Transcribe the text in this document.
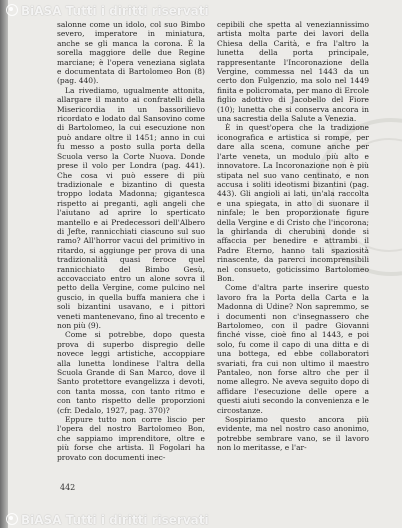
BiASA Tutti i diritti riservati

salonne come un idolo, col suo Bimbo severo, imperatore in miniatura, anche se gli manca la corona. È la sorella maggiore delle due Regine marciane; è l'opera veneziana siglata e documentata di Bartolomeo Bon (8) (pag. 440).

La rivediamo, ugualmente attonita, allargare il manto ai confratelli della Misericordia in un bassorilievo ricordato e lodato dal Sansovino come di Bartolomeo, la cui esecuzione non può andare oltre il 1451; anno in cui fu messo a posto sulla porta della Scuola verso la Corte Nuova. Donde prese il volo per Londra (pag. 441). Che cosa vi può essere di più tradizionale e bizantino di questa troppo lodata Madonna; gigantesca rispetto ai preganti, agli angeli che l'aiutano ad aprire lo sperticato mantello e ai Predecessori dell'Albero di Jefte, rannicchiati ciascuno sul suo ramo? All'horror vacui del primitivo in ritardo, si aggiunge per prova di una tradizionalità quasi feroce quel rannicchiato del Bimbo Gesù, accovacciato entro un alone sovra il petto della Vergine, come pulcino nel guscio, in quella buffa maniera che i soli bizantini usavano, e i pittori veneti mantenevano, fino al trecento e non più (9).

Come si potrebbe, dopo questa prova di superbo dispregio delle novece leggi artistiche, accoppiare alla lunetta londinese l'altra della Scuola Grande di San Marco, dove il Santo protettore evangelizza i devoti, con tanta mossa, con tanto ritmo e con tanto rispetto delle proporzioni (cfr. Dedalo, 1927, pag. 370)?

Eppure tutto non corre liscio per l'opera del nostro Bartolomeo Bon, che sappiamo imprenditore, oltre e più forse che artista. Il Fogolari ha provato con documenti inec-

cepibili che spetta al veneziannissimo artista molta parte dei lavori della Chiesa della Carità, e fra l'altro la lunetta della porta principale, rappresentante l'Incoronazione della Vergine, commessa nel 1443 da un certo don Fulgenzio, ma solo nel 1449 finita e policromata, per mano di Ercole figlio adottivo di Jacobello del Fiore (10); lunetta che si conserva ancora in una sacrestia della Salute a Venezia.

È in quest'opera che la tradizione iconografica e artistica si rompe, per dare alla scena, comune anche per l'arte veneta, un modulo più alto e innovatore. La Incoronazione non è più stipata nel suo vano centinato, e non accusa i soliti ideotismi bizantini (pag. 443). Gli angioli ai lati, un'ala raccolta e una spiegata, in atto di suonare il ninfale; le ben proporzionate figure della Vergine e di Cristo che l'incorona; la ghirlanda di cherubini donde si affaccia per benedire e attrambi il Padre Eterno, hanno tali spaziosità rinascente, da parerci incomprensibili nel consueto, goticissimo Bartolomeo Bon.

Come d'altra parte inserire questo lavoro fra la Porta della Carta e la Madonna di Udine? Non sapremmo, se i documenti non c'insegnassero che Bartolomeo, con il padre Giovanni finché visse, cioè fino al 1443, e poi solo, fu come il capo di una ditta e di una bottega, ed ebbe collaboratori svariati, fra cui non ultimo il maestro Pantaleo, non forse altro che per il nome allegro. Ne aveva seguito dopo di affidare l'esecuzione delle opere a questi aiuti secondo la convenienza e le circostanze.

Sospiriamo questo ancora più evidente, ma nel nostro caso anonimo, potrebbe sembrare vano, se il lavoro non lo meritasse, e l'ar-

442
BiASA Tutti i diritti riservati
